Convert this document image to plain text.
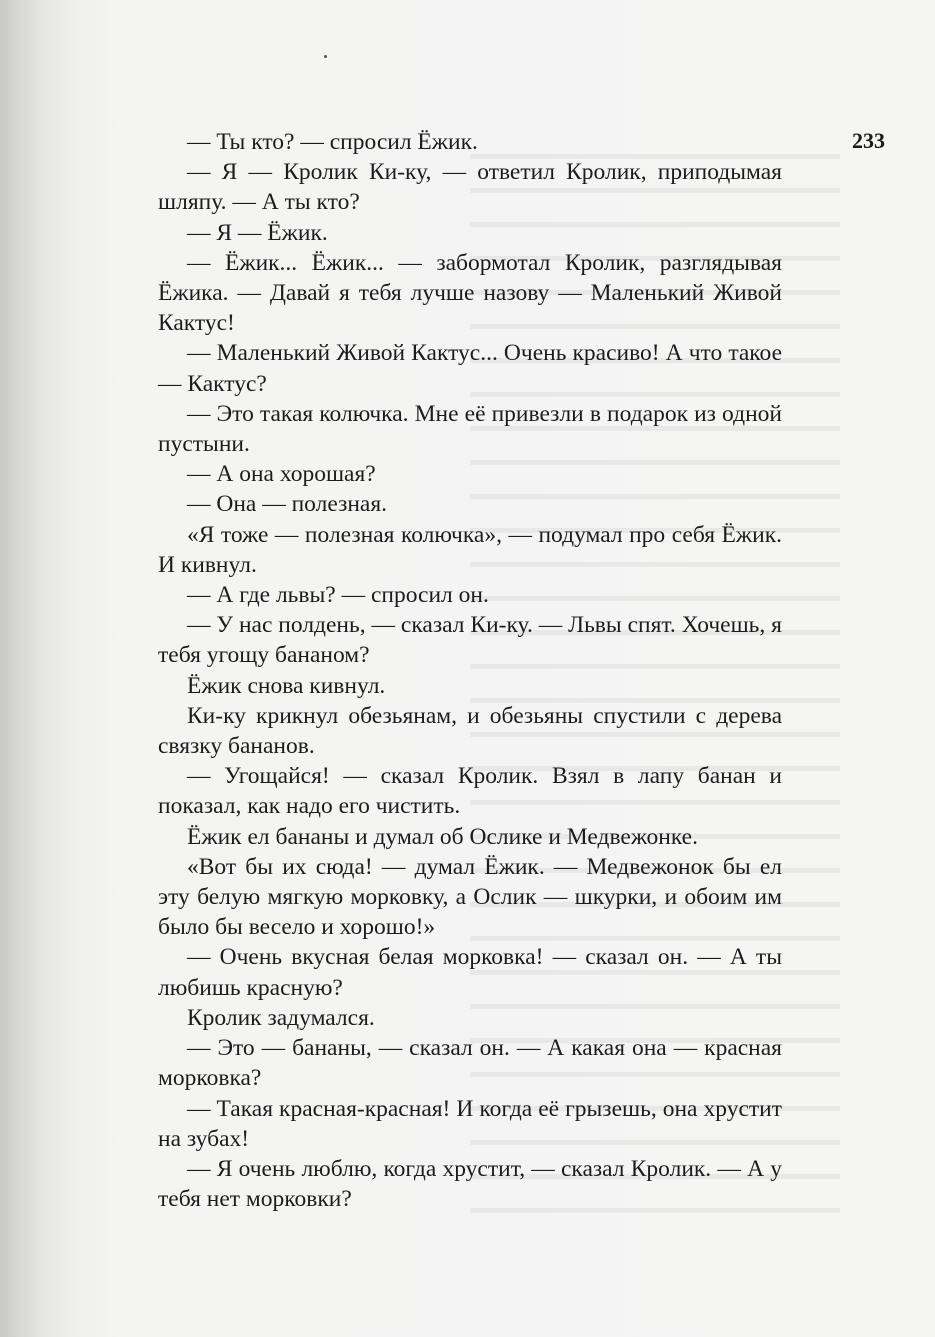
233

— Ты кто? — спросил Ёжик.

— Я — Кролик Ки-ку, — ответил Кролик, приподымая шляпу. — А ты кто?

— Я — Ёжик.

— Ёжик... Ёжик... — забормотал Кролик, разглядывая Ёжика. — Давай я тебя лучше назову — Маленький Живой Кактус!

— Маленький Живой Кактус... Очень красиво! А что такое — Кактус?

— Это такая колючка. Мне её привезли в подарок из одной пустыни.

— А она хорошая?

— Она — полезная.

«Я тоже — полезная колючка», — подумал про себя Ёжик. И кивнул.

— А где львы? — спросил он.

— У нас полдень, — сказал Ки-ку. — Львы спят. Хочешь, я тебя угощу бананом?

Ёжик снова кивнул.

Ки-ку крикнул обезьянам, и обезьяны спустили с дерева связку бананов.

— Угощайся! — сказал Кролик. Взял в лапу банан и показал, как надо его чистить.

Ёжик ел бананы и думал об Ослике и Медвежонке.

«Вот бы их сюда! — думал Ёжик. — Медвежонок бы ел эту белую мягкую морковку, а Ослик — шкурки, и обоим им было бы весело и хорошо!»

— Очень вкусная белая морковка! — сказал он. — А ты любишь красную?

Кролик задумался.

— Это — бананы, — сказал он. — А какая она — красная морковка?

— Такая красная-красная! И когда её грызешь, она хрустит на зубах!

— Я очень люблю, когда хрустит, — сказал Кролик. — А у тебя нет морковки?
